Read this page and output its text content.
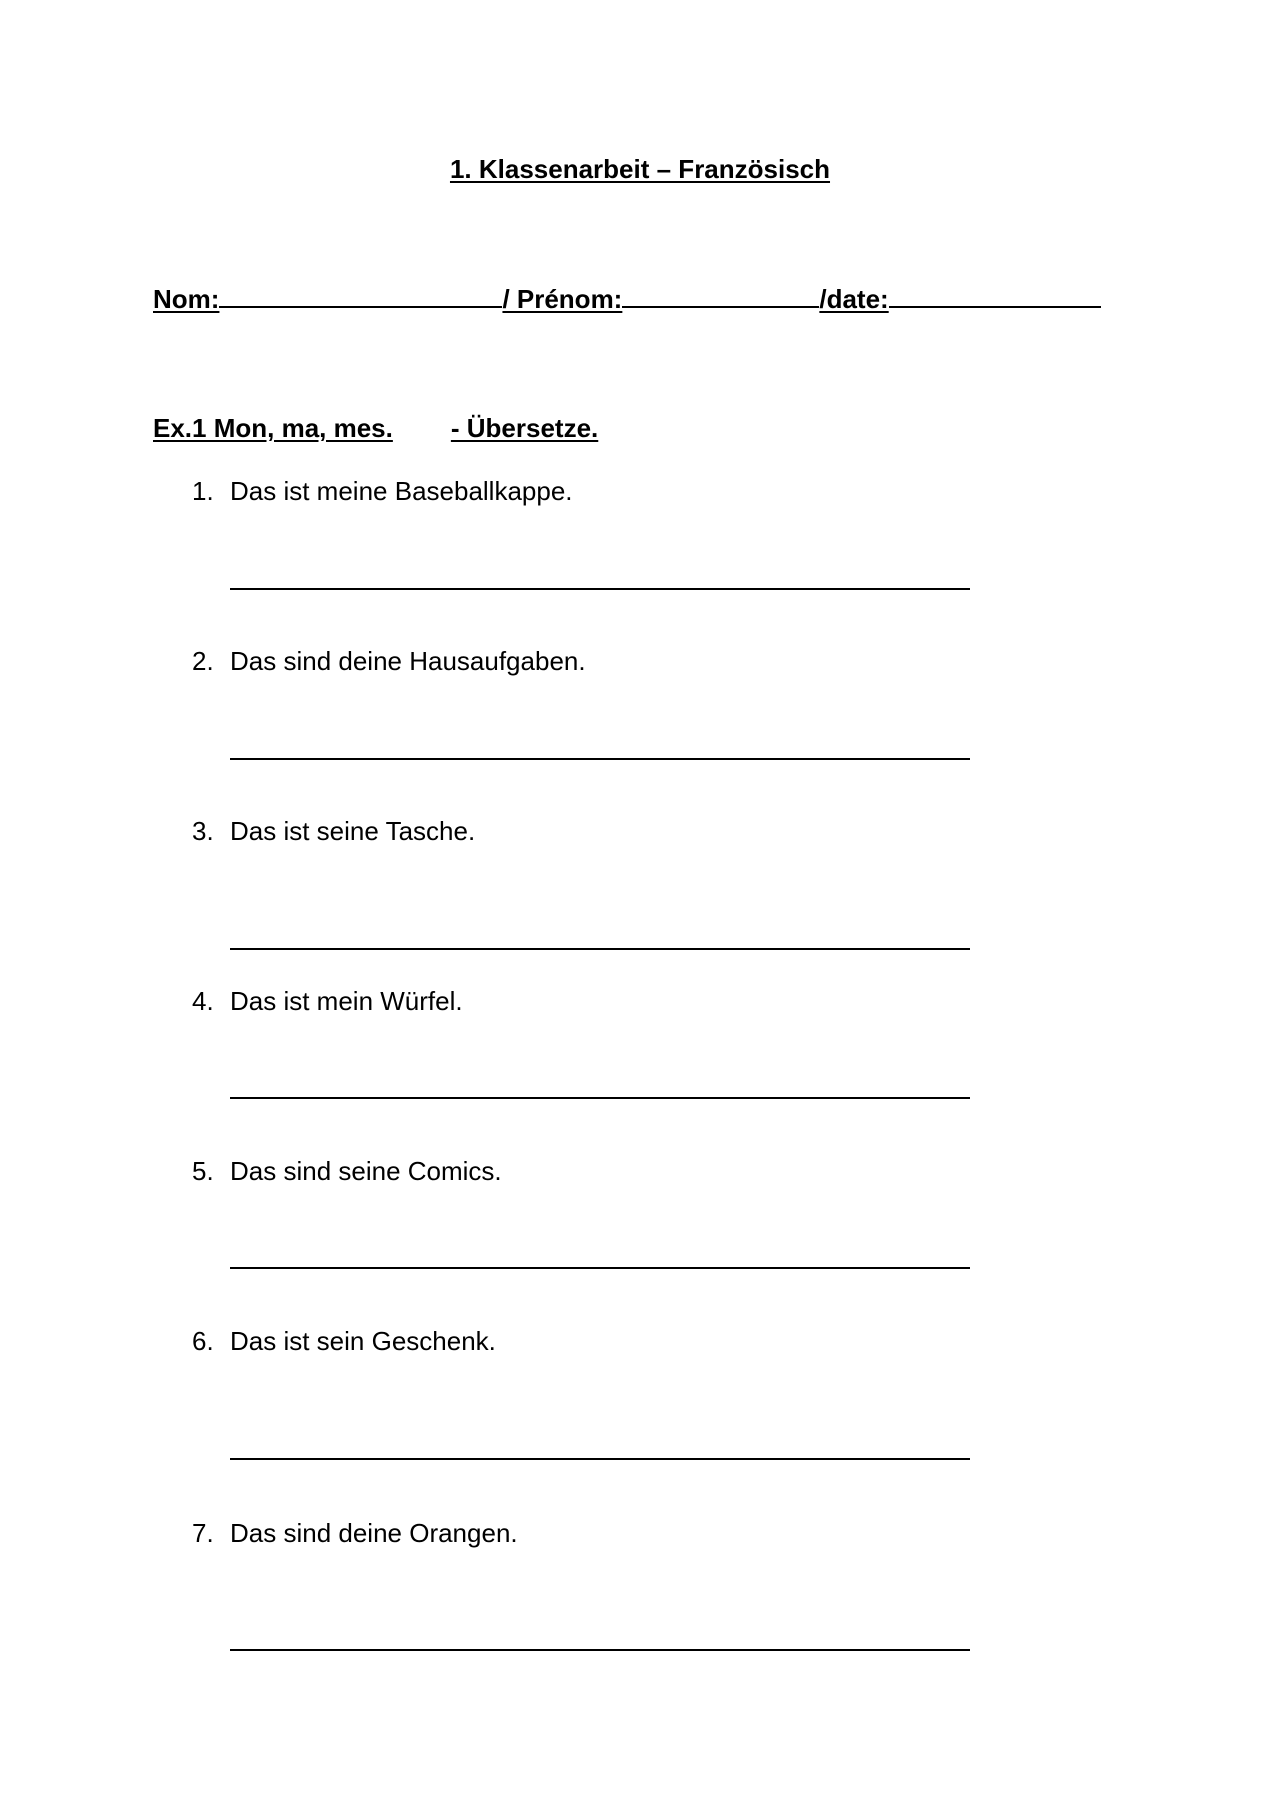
1. Klassenarbeit – Französisch
Nom:	/ Prénom:	/date:
Ex.1 Mon, ma, mes. - Übersetze.
1. Das ist meine Baseballkappe.
2. Das sind deine Hausaufgaben.
3. Das ist seine Tasche.
4. Das ist mein Würfel.
5. Das sind seine Comics.
6. Das ist sein Geschenk.
7. Das sind deine Orangen.
